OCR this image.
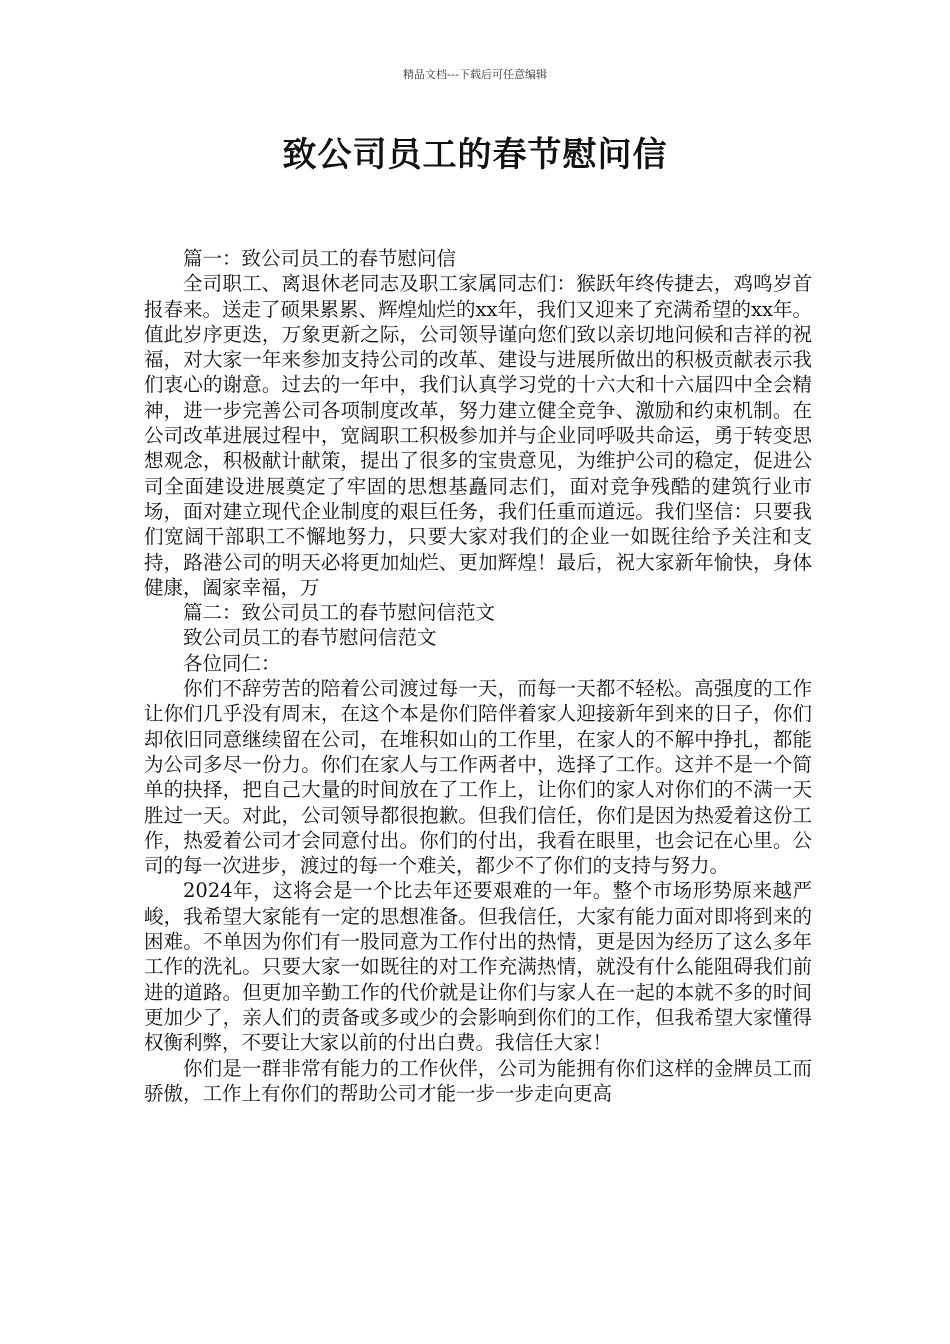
精品文档---下载后可任意编辑
致公司员工的春节慰问信

篇一：致公司员工的春节慰问信

全司职工、离退休老同志及职工家属同志们：猴跃年终传捷去，鸡鸣岁首报春来。送走了硕果累累、辉煌灿烂的xx年，我们又迎来了充满希望的xx年。值此岁序更迭，万象更新之际，公司领导谨向您们致以亲切地问候和吉祥的祝福，对大家一年来参加支持公司的改革、建设与进展所做出的积极贡献表示我们衷心的谢意。过去的一年中，我们认真学习党的十六大和十六届四中全会精神，进一步完善公司各项制度改革，努力建立健全竞争、激励和约束机制。在公司改革进展过程中，宽阔职工积极参加并与企业同呼吸共命运，勇于转变思想观念，积极献计献策，提出了很多的宝贵意见，为维护公司的稳定，促进公司全面建设进展奠定了牢固的思想基矗同志们，面对竞争残酷的建筑行业市场，面对建立现代企业制度的艰巨任务，我们任重而道远。我们坚信：只要我们宽阔干部职工不懈地努力，只要大家对我们的企业一如既往给予关注和支持，路港公司的明天必将更加灿烂、更加辉煌！最后，祝大家新年愉快，身体健康，阖家幸福，万

篇二：致公司员工的春节慰问信范文

致公司员工的春节慰问信范文

各位同仁：

你们不辞劳苦的陪着公司渡过每一天，而每一天都不轻松。高强度的工作让你们几乎没有周末，在这个本是你们陪伴着家人迎接新年到来的日子，你们却依旧同意继续留在公司，在堆积如山的工作里，在家人的不解中挣扎，都能为公司多尽一份力。你们在家人与工作两者中，选择了工作。这并不是一个简单的抉择，把自己大量的时间放在了工作上，让你们的家人对你们的不满一天胜过一天。对此，公司领导都很抱歉。但我们信任，你们是因为热爱着这份工作，热爱着公司才会同意付出。你们的付出，我看在眼里，也会记在心里。公司的每一次进步，渡过的每一个难关，都少不了你们的支持与努力。

2024年，这将会是一个比去年还要艰难的一年。整个市场形势原来越严峻，我希望大家能有一定的思想准备。但我信任，大家有能力面对即将到来的困难。不单因为你们有一股同意为工作付出的热情，更是因为经历了这么多年工作的洗礼。只要大家一如既往的对工作充满热情，就没有什么能阻碍我们前进的道路。但更加辛勤工作的代价就是让你们与家人在一起的本就不多的时间更加少了，亲人们的责备或多或少的会影响到你们的工作，但我希望大家懂得权衡利弊，不要让大家以前的付出白费。我信任大家！

你们是一群非常有能力的工作伙伴，公司为能拥有你们这样的金牌员工而骄傲，工作上有你们的帮助公司才能一步一步走向更高
